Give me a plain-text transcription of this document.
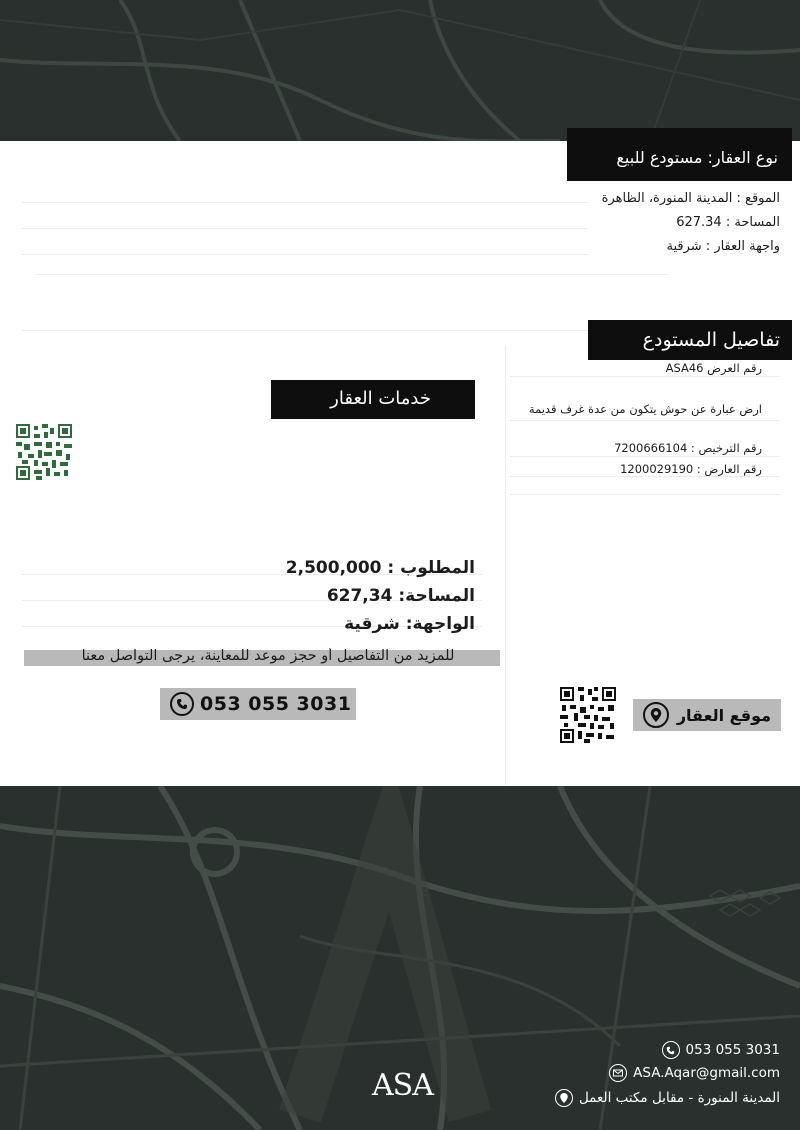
نوع العقار: مستودع للبيع
الموقع : المدينة المنورة، الظاهرة
المساحة : 627.34
واجهة العقار : شرقية
تفاصيل المستودع
رقم العرض ASA46
ارض عبارة عن حوش يتكون من عدة غرف قديمة
رقم الترخيص : 7200666104
رقم العارض : 1200029190
خدمات العقار
المطلوب : 2,500,000
المساحة: 627,34
الواجهة: شرقية
للمزيد من التفاصيل أو حجز موعد للمعاينة، يرجى التواصل معنا
053 055 3031	موقع العقار
ASA
053 055 3031
ASA.Aqar@gmail.com
المدينة المنورة - مقابل مكتب العمل
